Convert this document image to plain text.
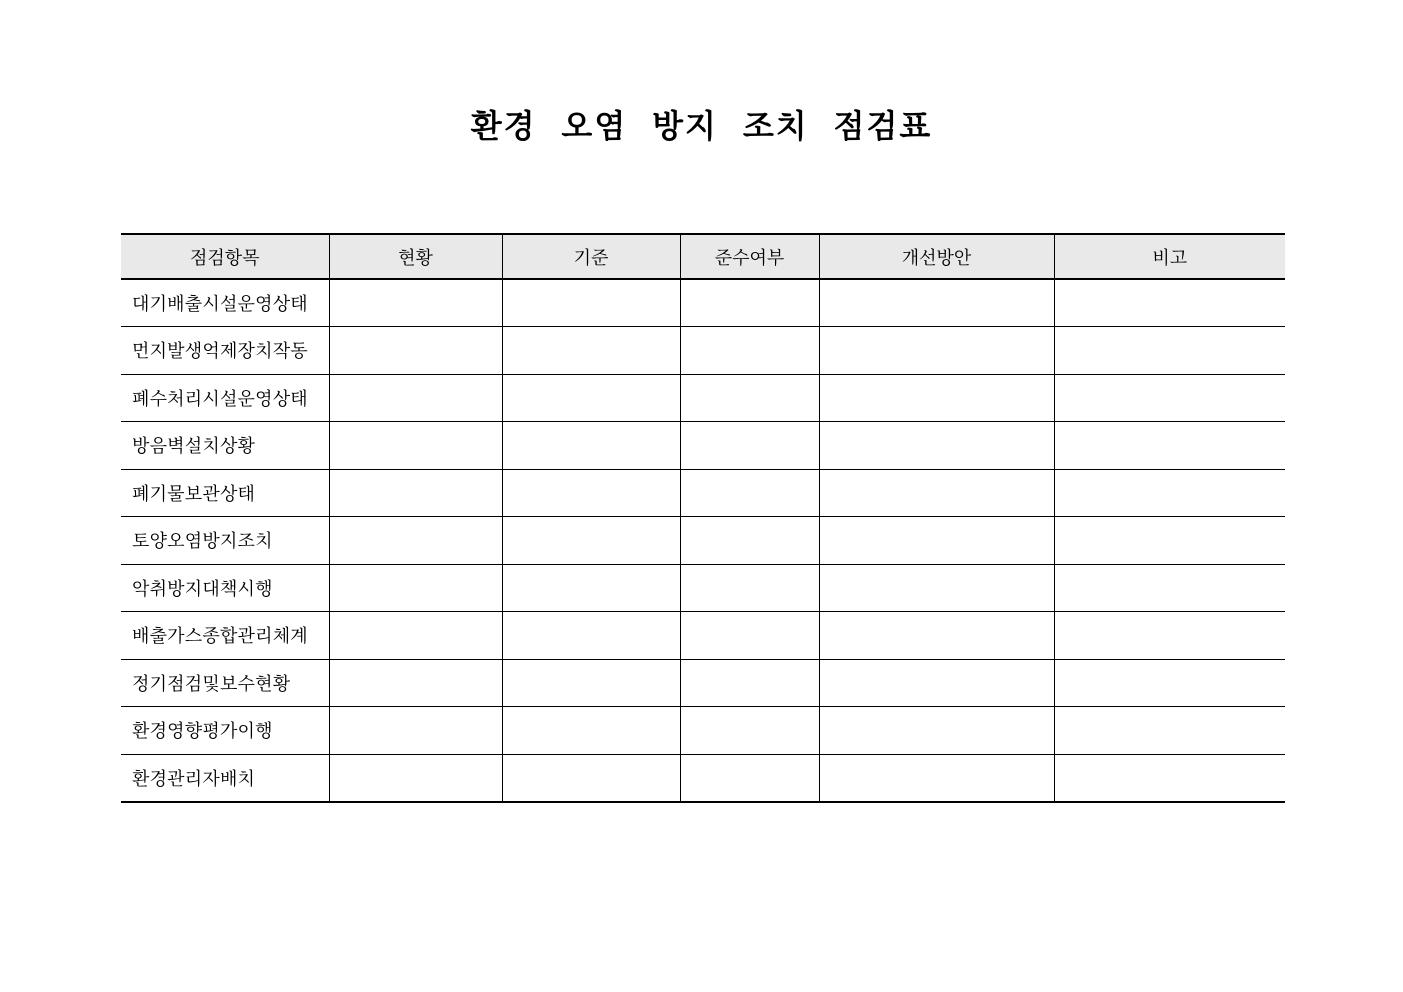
환경 오염 방지 조치 점검표
점검항목	현황	기준	준수여부	개선방안	비고
대기배출시설운영상태					
먼지발생억제장치작동					
폐수처리시설운영상태					
방음벽설치상황					
폐기물보관상태					
토양오염방지조치					
악취방지대책시행					
배출가스종합관리체계					
정기점검및보수현황					
환경영향평가이행					
환경관리자배치					
